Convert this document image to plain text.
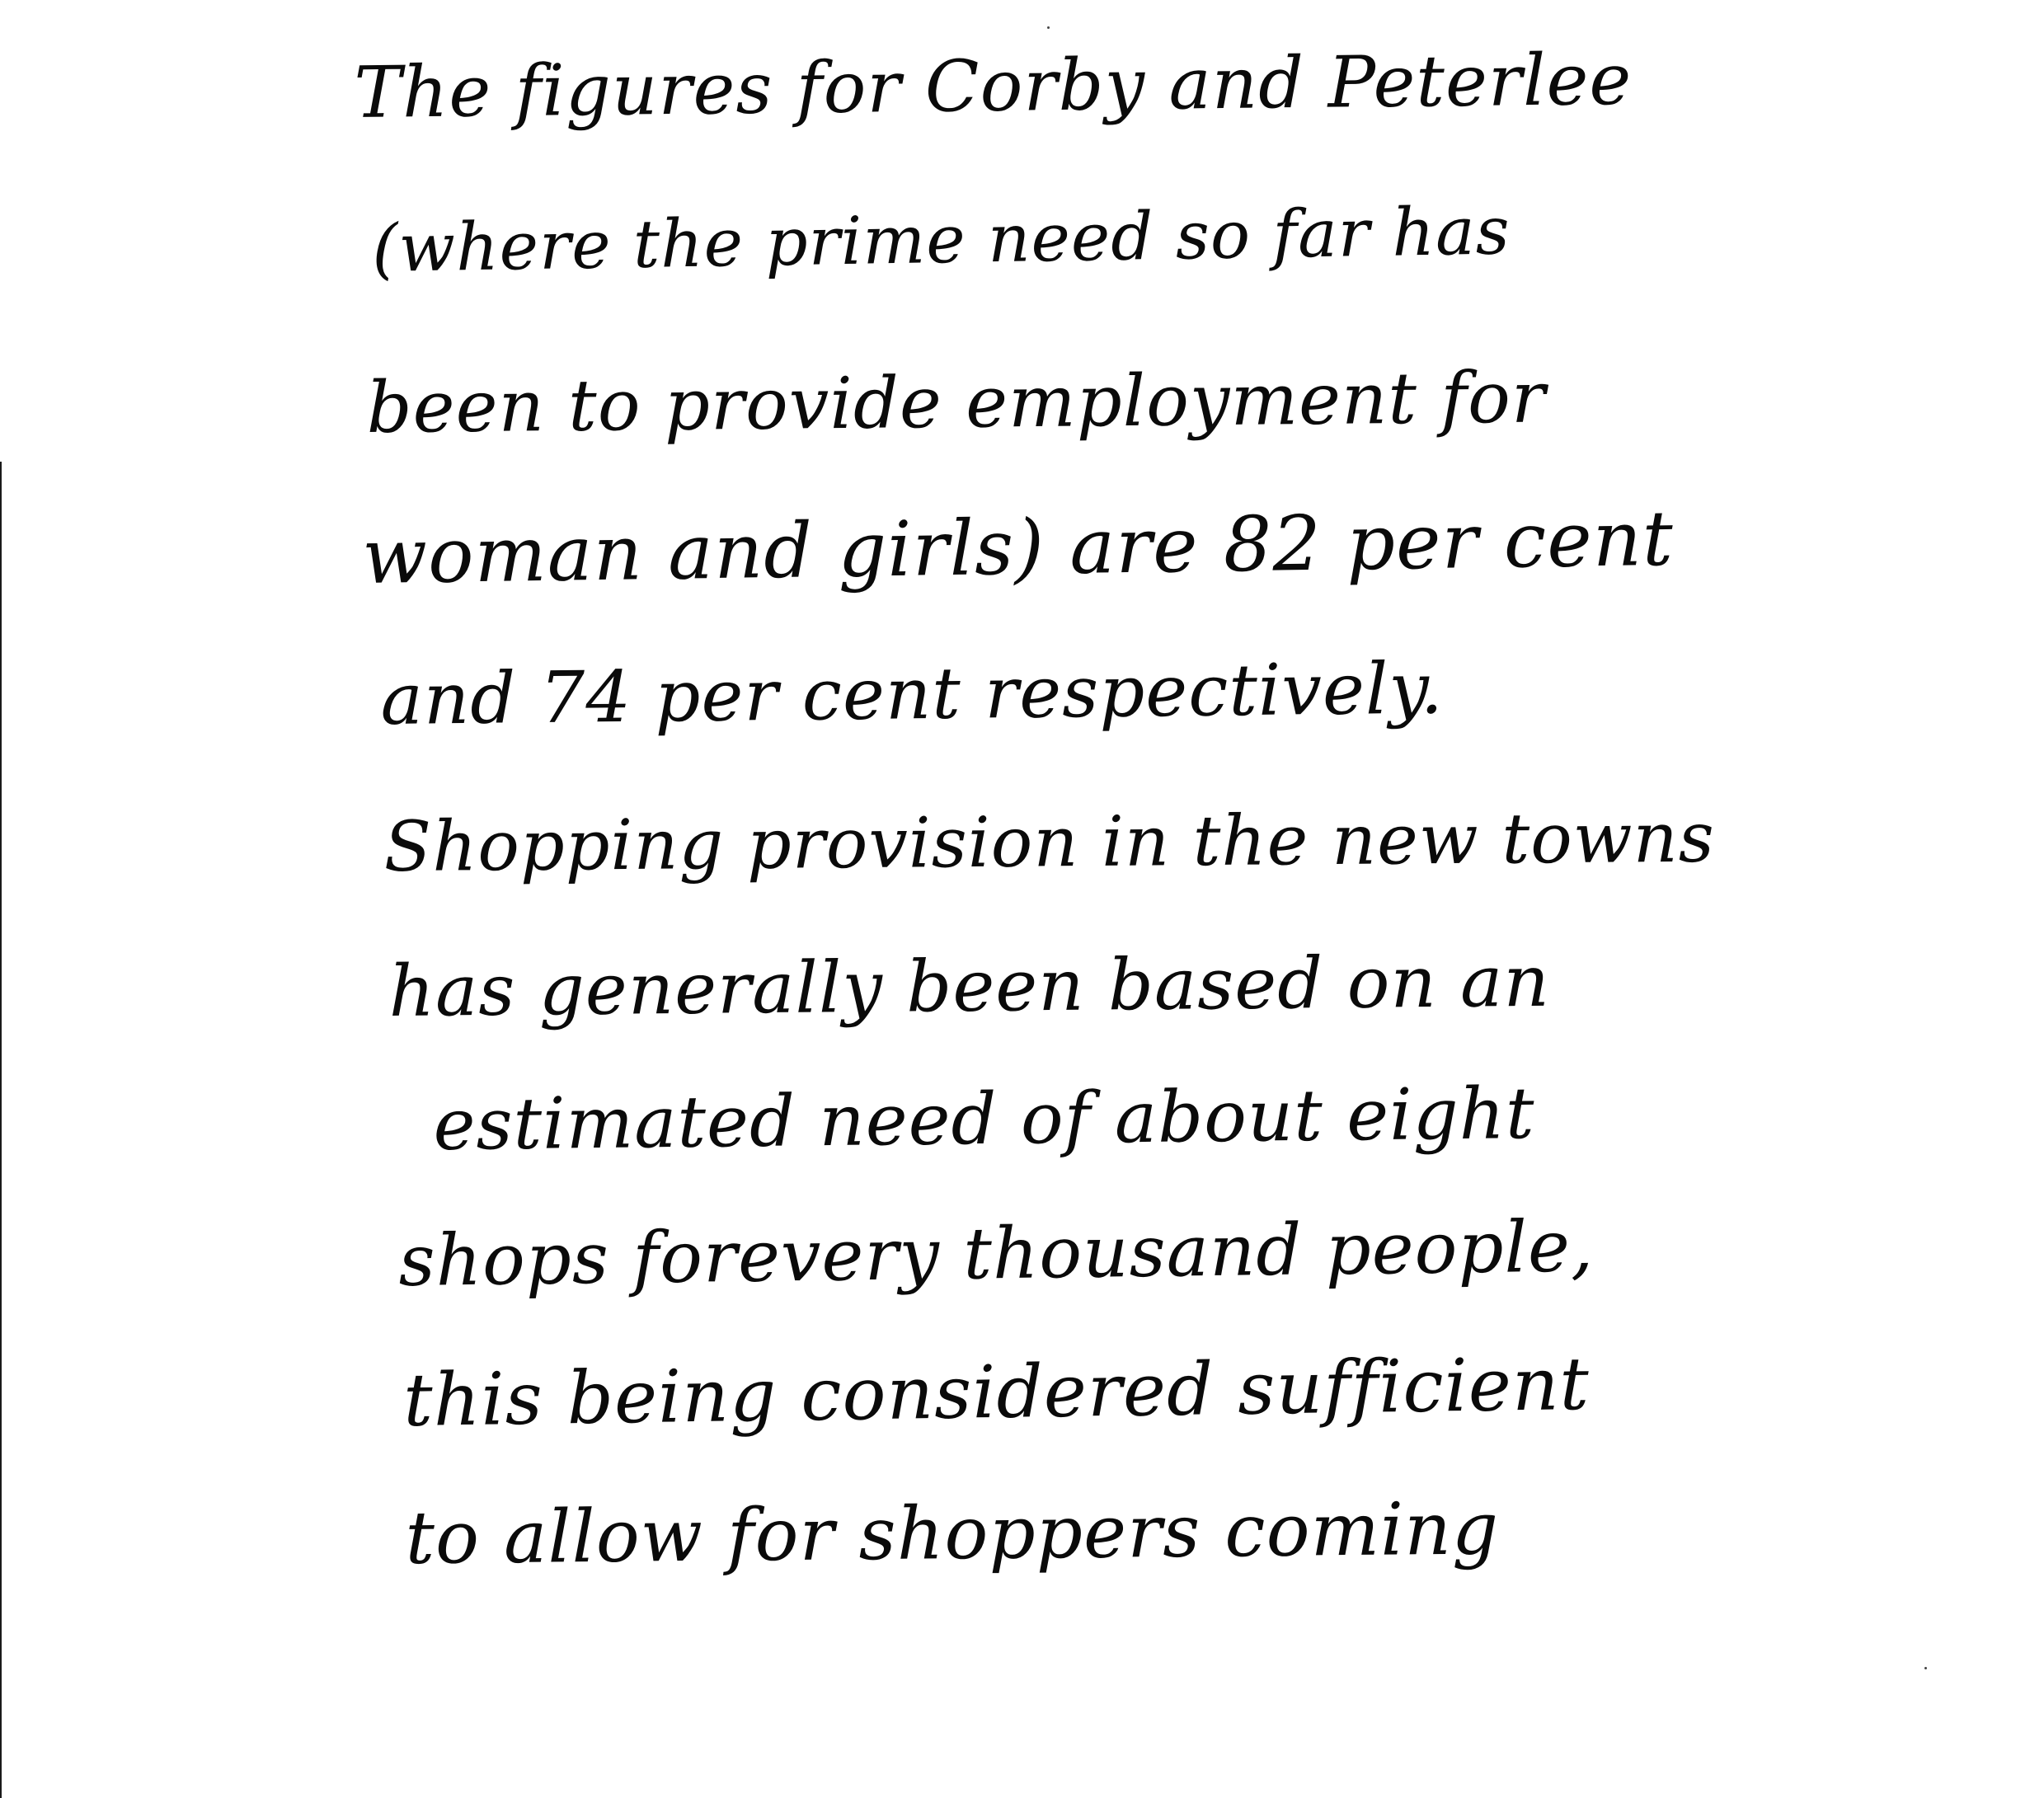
The figures for Corby and Peterlee
(where the prime need so far has
been to provide employment for
woman and girls) are 82 per cent
and 74 per cent respectively.
Shopping provision in the new towns
has generally been based on an
estimated need of about eight
shops forevery thousand people,
this being considered sufficient
to allow for shoppers coming
